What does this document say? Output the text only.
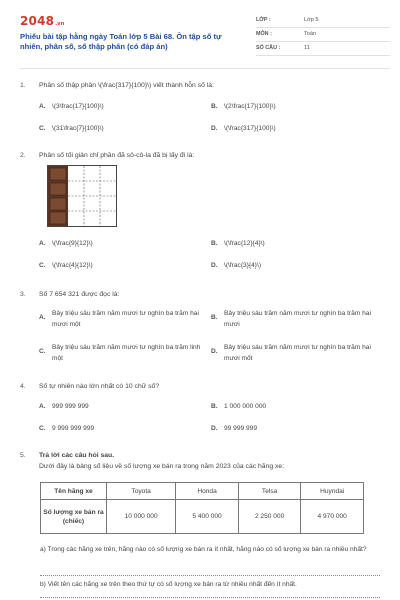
2048.vn
Phiếu bài tập hằng ngày Toán lớp 5 Bài 68. Ôn tập số tự nhiên, phân số, số thập phân (có đáp án)
LỚP :	Lớp 5
MÔN :	Toán
SỐ CÂU :	11
1. Phân số thập phân \(\frac{317}{100}\) viết thành hỗn số là:
A. \(3\frac{17}{100}\)	B. \(2\frac{17}{100}\)
C. \(31\frac{7}{100}\)	D. \(\frac{317}{100}\)
2. Phân số tối giản chỉ phần đã sô-cô-la đã bị lấy đi là:
A. \(\frac{9}{12}\)	B. \(\frac{12}{4}\)
C. \(\frac{4}{12}\)	D. \(\frac{3}{4}\)
3. Số 7 654 321 được đọc là:
A.
Bảy triệu sáu trăm năm mươi tư nghìn ba trăm hai mươi một
B.
Bảy triệu sáu trăm năm mươi tư nghìn ba trăm hai mươi
C.
Bảy triệu sáu trăm năm mươi tư nghìn ba trăm linh một
D.
Bảy triệu sáu trăm năm mươi tư nghìn ba trăm hai mươi mốt
4. Số tự nhiên nào lớn nhất có 10 chữ số?
A. 999 999 999	B. 1 000 000 000
C. 9 999 999 999	D. 99 999 999
5. Trả lời các câu hỏi sau.
Dưới đây là bảng số liệu về số lượng xe bán ra trong năm 2023 của các hãng xe:
Tên hãng xe	Toyota	Honda	Telsa	Huyndai
Số lượng xe bán ra (chiếc)	10 000 000	5 400 000	2 250 000	4 970 000
a) Trong các hãng xe trên, hãng nào có số lượng xe bán ra ít nhất, hãng nào có số lượng xe bán ra nhiều nhất?
b) Viết tên các hãng xe trên theo thứ tự có số lượng xe bán ra từ nhiều nhất đến ít nhất.
